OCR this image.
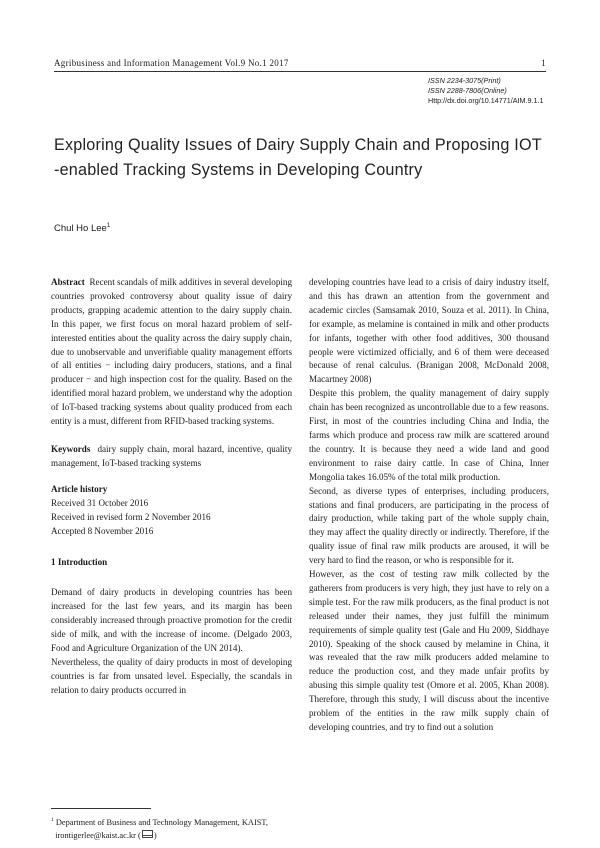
Agribusiness and Information Management Vol.9 No.1 2017	1
ISSN 2234-3075(Print)
ISSN 2288-7806(Online)
Http://dx.doi.org/10.14771/AIM.9.1.1
Exploring Quality Issues of Dairy Supply Chain and Proposing IOT
-enabled Tracking Systems in Developing Country
Chul Ho Lee$^1$

Abstract Recent scandals of milk additives in several developing countries provoked controversy about quality issue of dairy products, grapping academic attention to the dairy supply chain. In this paper, we first focus on moral hazard problem of self-interested entities about the quality across the dairy supply chain, due to unobservable and unverifiable quality management efforts of all entities − including dairy producers, stations, and a final producer − and high inspection cost for the quality. Based on the identified moral hazard problem, we understand why the adoption of IoT-based tracking systems about quality produced from each entity is a must, different from RFID-based tracking systems.

Keywords dairy supply chain, moral hazard, incentive, quality management, IoT-based tracking systems

Article history

Received 31 October 2016

Received in revised form 2 November 2016

Accepted 8 November 2016

1 Introduction

Demand of dairy products in developing countries has been increased for the last few years, and its margin has been considerably increased through proactive promotion for the credit side of milk, and with the increase of income. (Delgado 2003, Food and Agriculture Organization of the UN 2014).

Nevertheless, the quality of dairy products in most of developing countries is far from unsated level. Especially, the scandals in relation to dairy products occurred in

developing countries have lead to a crisis of dairy industry itself, and this has drawn an attention from the government and academic circles (Samsamak 2010, Souza et al. 2011). In China, for example, as melamine is contained in milk and other products for infants, together with other food additives, 300 thousand people were victimized officially, and 6 of them were deceased because of renal calculus. (Branigan 2008, McDonald 2008, Macartney 2008)

Despite this problem, the quality management of dairy supply chain has been recognized as uncontrollable due to a few reasons. First, in most of the countries including China and India, the farms which produce and process raw milk are scattered around the country. It is because they need a wide land and good environment to raise dairy cattle. In case of China, Inner Mongolia takes 16.05% of the total milk production.

Second, as diverse types of enterprises, including producers, stations and final producers, are participating in the process of dairy production, while taking part of the whole supply chain, they may affect the quality directly or indirectly. Therefore, if the quality issue of final raw milk products are aroused, it will be very hard to find the reason, or who is responsible for it.

However, as the cost of testing raw milk collected by the gatherers from producers is very high, they just have to rely on a simple test. For the raw milk producers, as the final product is not released under their names, they just fulfill the minimum requirements of simple quality test (Gale and Hu 2009, Siddhaye 2010). Speaking of the shock caused by melamine in China, it was revealed that the raw milk producers added melamine to reduce the production cost, and they made unfair profits by abusing this simple quality test (Omore et al. 2005, Khan 2008). Therefore, through this study, I will discuss about the incentive problem of the entities in the raw milk supply chain of developing countries, and try to find out a solution

$^1$ Department of Business and Technology Management, KAIST,
irontigerlee@kaist.ac.kr ( )
